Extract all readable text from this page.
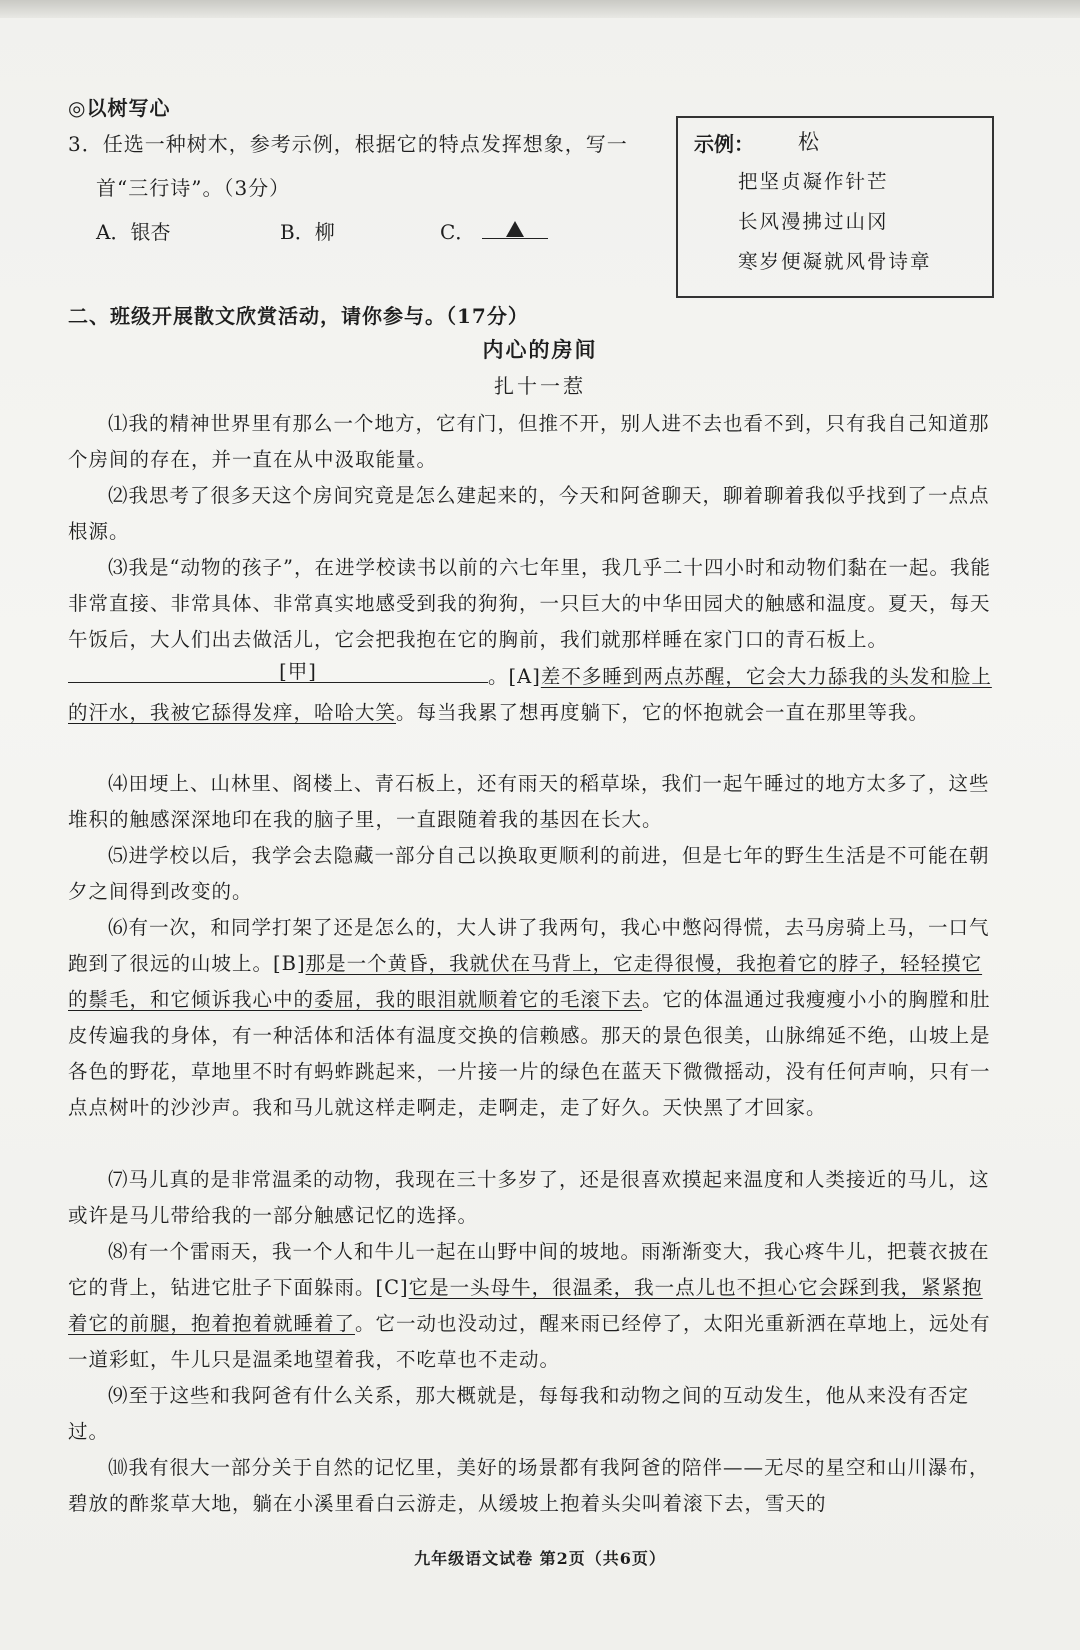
◎以树写心
3．任选一种树木，参考示例，根据它的特点发挥想象，写一
首“三行诗”。（3分）
A．银杏	B．柳	C．
示例： 松
把坚贞凝作针芒
长风漫拂过山冈
寒岁便凝就风骨诗章
二、班级开展散文欣赏活动，请你参与。（17分）
内心的房间
扎十一惹
⑴我的精神世界里有那么一个地方，它有门，但推不开，别人进不去也看不到，只有我自己知道那个房间的存在，并一直在从中汲取能量。
⑵我思考了很多天这个房间究竟是怎么建起来的，今天和阿爸聊天，聊着聊着我似乎找到了一点点根源。
⑶我是“动物的孩子”，在进学校读书以前的六七年里，我几乎二十四小时和动物们黏在一起。我能非常直接、非常具体、非常真实地感受到我的狗狗，一只巨大的中华田园犬的触感和温度。夏天，每天午饭后，大人们出去做活儿，它会把我抱在它的胸前，我们就那样睡在家门口的青石板上。
[甲]	。[A]差不多睡到两点苏醒，它会大力舔我的头发和脸上的汗水，我被它舔得发痒，哈哈大笑。每当我累了想再度躺下，它的怀抱就会一直在那里等我。
⑷田埂上、山林里、阁楼上、青石板上，还有雨天的稻草垛，我们一起午睡过的地方太多了，这些堆积的触感深深地印在我的脑子里，一直跟随着我的基因在长大。
⑸进学校以后，我学会去隐藏一部分自己以换取更顺利的前进，但是七年的野生生活是不可能在朝夕之间得到改变的。
⑹有一次，和同学打架了还是怎么的，大人讲了我两句，我心中憋闷得慌，去马房骑上马，一口气跑到了很远的山坡上。[B]那是一个黄昏，我就伏在马背上，它走得很慢，我抱着它的脖子，轻轻摸它的鬃毛，和它倾诉我心中的委屈，我的眼泪就顺着它的毛滚下去。它的体温通过我瘦瘦小小的胸膛和肚皮传遍我的身体，有一种活体和活体有温度交换的信赖感。那天的景色很美，山脉绵延不绝，山坡上是各色的野花，草地里不时有蚂蚱跳起来，一片接一片的绿色在蓝天下微微摇动，没有任何声响，只有一点点树叶的沙沙声。我和马儿就这样走啊走，走啊走，走了好久。天快黑了才回家。
⑺马儿真的是非常温柔的动物，我现在三十多岁了，还是很喜欢摸起来温度和人类接近的马儿，这或许是马儿带给我的一部分触感记忆的选择。
⑻有一个雷雨天，我一个人和牛儿一起在山野中间的坡地。雨渐渐变大，我心疼牛儿，把蓑衣披在它的背上，钻进它肚子下面躲雨。[C]它是一头母牛，很温柔，我一点儿也不担心它会踩到我，紧紧抱着它的前腿，抱着抱着就睡着了。它一动也没动过，醒来雨已经停了，太阳光重新洒在草地上，远处有一道彩虹，牛儿只是温柔地望着我，不吃草也不走动。
⑼至于这些和我阿爸有什么关系，那大概就是，每每我和动物之间的互动发生，他从来没有否定过。
⑽我有很大一部分关于自然的记忆里，美好的场景都有我阿爸的陪伴——无尽的星空和山川瀑布，碧放的酢浆草大地，躺在小溪里看白云游走，从缓坡上抱着头尖叫着滚下去，雪天的
九年级语文试卷 第2页（共6页）
